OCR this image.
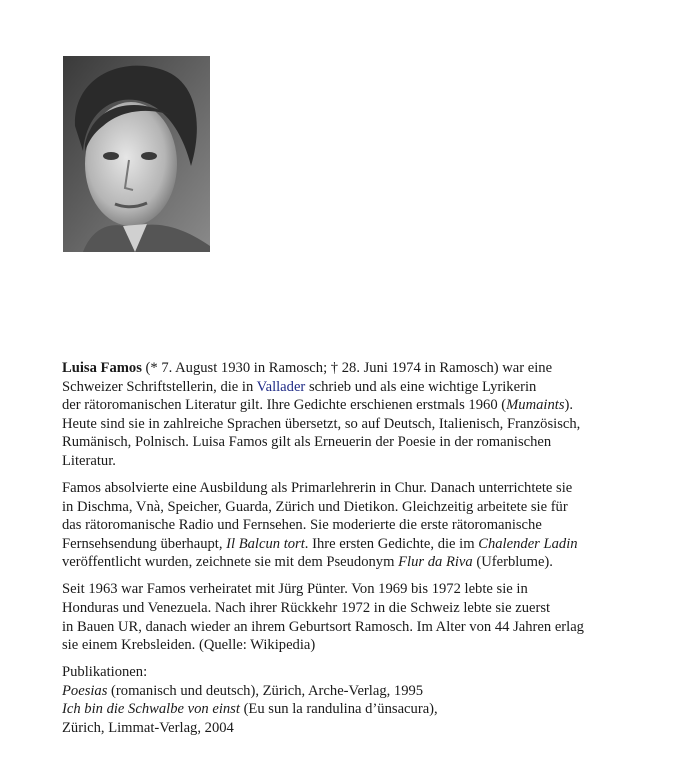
Luisa Famos (* 7. August 1930 in Ramosch; † 28. Juni 1974 in Ramosch) war eine
Schweizer Schriftstellerin, die in Vallader schrieb und als eine wichtige Lyrikerin
der rätoromanischen Literatur gilt. Ihre Gedichte erschienen erstmals 1960 (Mumaints).
Heute sind sie in zahlreiche Sprachen übersetzt, so auf Deutsch, Italienisch, Französisch,
Rumänisch, Polnisch. Luisa Famos gilt als Erneuerin der Poesie in der romanischen
Literatur.

Famos absolvierte eine Ausbildung als Primarlehrerin in Chur. Danach unterrichtete sie
in Dischma, Vnà, Speicher, Guarda, Zürich und Dietikon. Gleichzeitig arbeitete sie für
das rätoromanische Radio und Fernsehen. Sie moderierte die erste rätoromanische
Fernsehsendung überhaupt, Il Balcun tort. Ihre ersten Gedichte, die im Chalender Ladin
veröffentlicht wurden, zeichnete sie mit dem Pseudonym Flur da Riva (Uferblume).

Seit 1963 war Famos verheiratet mit Jürg Pünter. Von 1969 bis 1972 lebte sie in
Honduras und Venezuela. Nach ihrer Rückkehr 1972 in die Schweiz lebte sie zuerst
in Bauen UR, danach wieder an ihrem Geburtsort Ramosch. Im Alter von 44 Jahren erlag
sie einem Krebsleiden. (Quelle: Wikipedia)

Publikationen:
Poesias (romanisch und deutsch), Zürich, Arche-Verlag, 1995
Ich bin die Schwalbe von einst (Eu sun la randulina d’ünsacura),
Zürich, Limmat-Verlag, 2004
